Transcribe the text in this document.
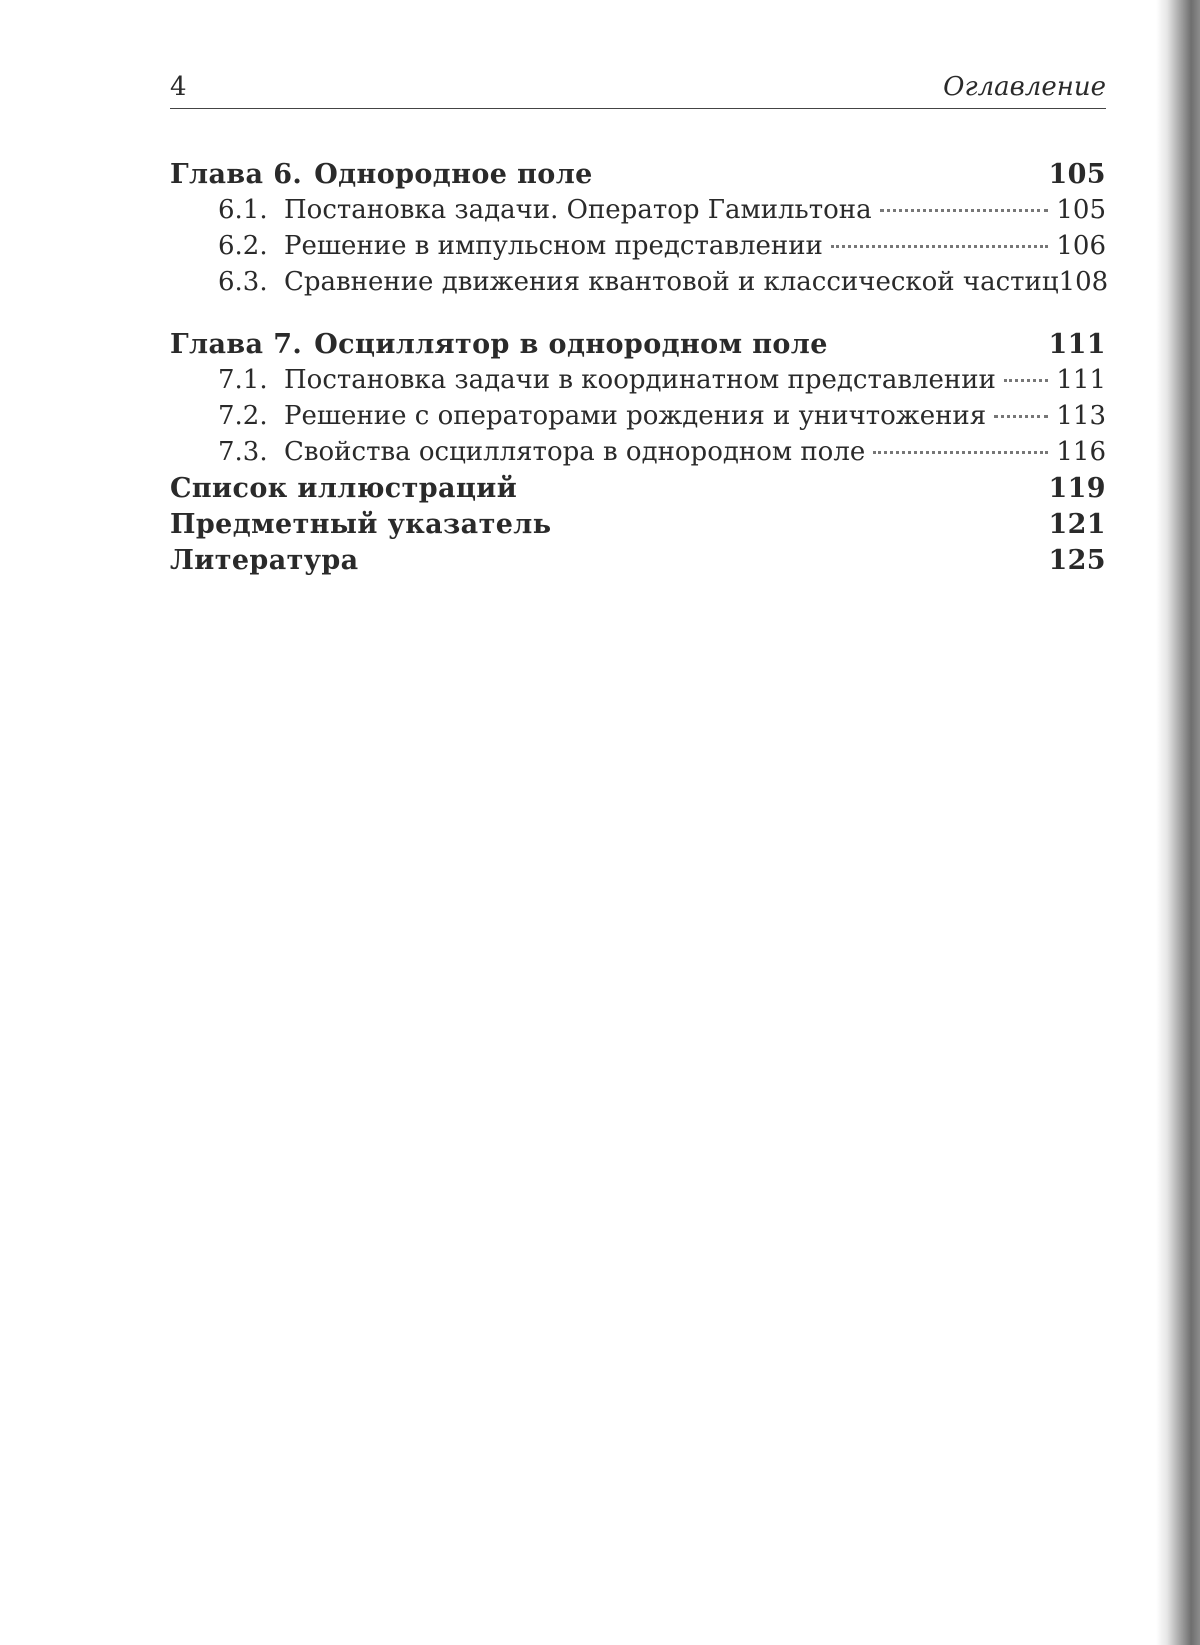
4	Оглавление
Глава 6. Однородное поле	105
6.1. Постановка задачи. Оператор Гамильтона	105
6.2. Решение в импульсном представлении	106
6.3. Сравнение движения квантовой и классической частиц 108
Глава 7. Осциллятор в однородном поле	111
7.1. Постановка задачи в координатном представлении 111
7.2. Решение с операторами рождения и уничтожения	113
7.3. Свойства осциллятора в однородном поле	116
Список иллюстраций	119
Предметный указатель	121
Литература	125
